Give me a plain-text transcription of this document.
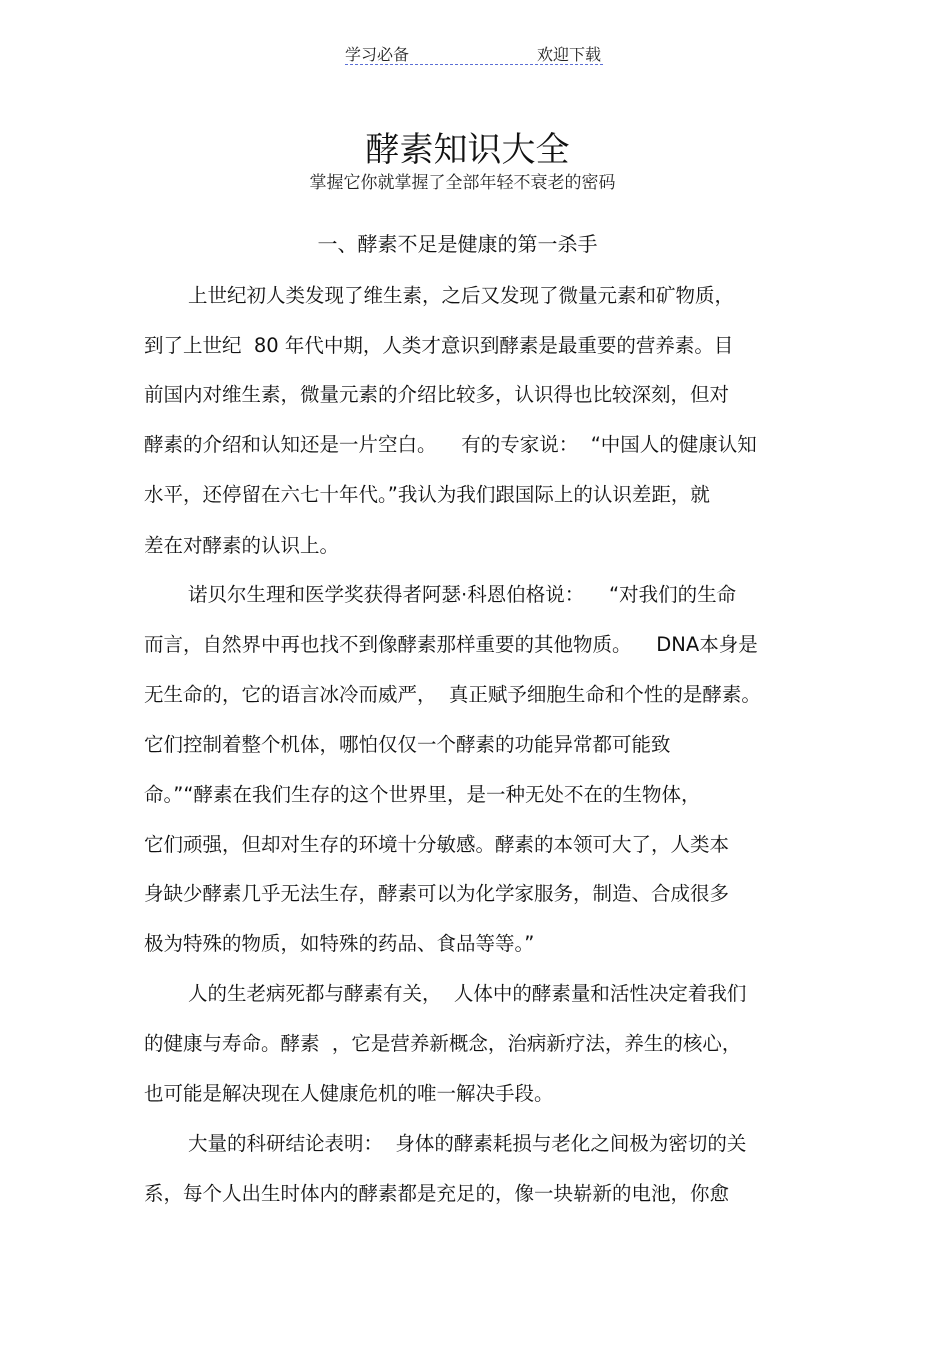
学习必备	欢迎下载
酵素知识大全
掌握它你就掌握了全部年轻不衰老的密码
一、酵素不足是健康的第一杀手
上世纪初人类发现了维生素，之后又发现了微量元素和矿物质，
到了上世纪  80 年代中期，人类才意识到酵素是最重要的营养素。目
前国内对维生素，微量元素的介绍比较多，认识得也比较深刻，但对
酵素的介绍和认知还是一片空白。    有的专家说：  “中国人的健康认知
水平，还停留在六七十年代。”我认为我们跟国际上的认识差距，就
差在对酵素的认识上。
诺贝尔生理和医学奖获得者阿瑟·科恩伯格说：    “对我们的生命
而言，自然界中再也找不到像酵素那样重要的其他物质。    DNA本身是
无生命的，它的语言冰冷而威严，  真正赋予细胞生命和个性的是酵素。
它们控制着整个机体，哪怕仅仅一个酵素的功能异常都可能致
命。”“酵素在我们生存的这个世界里，是一种无处不在的生物体，
它们顽强，但却对生存的环境十分敏感。酵素的本领可大了，人类本
身缺少酵素几乎无法生存，酵素可以为化学家服务，制造、合成很多
极为特殊的物质，如特殊的药品、食品等等。”
人的生老病死都与酵素有关，  人体中的酵素量和活性决定着我们
的健康与寿命。酵素  ，它是营养新概念，治病新疗法，养生的核心，
也可能是解决现在人健康危机的唯一解决手段。
大量的科研结论表明：  身体的酵素耗损与老化之间极为密切的关
系，每个人出生时体内的酵素都是充足的，像一块崭新的电池，你愈
